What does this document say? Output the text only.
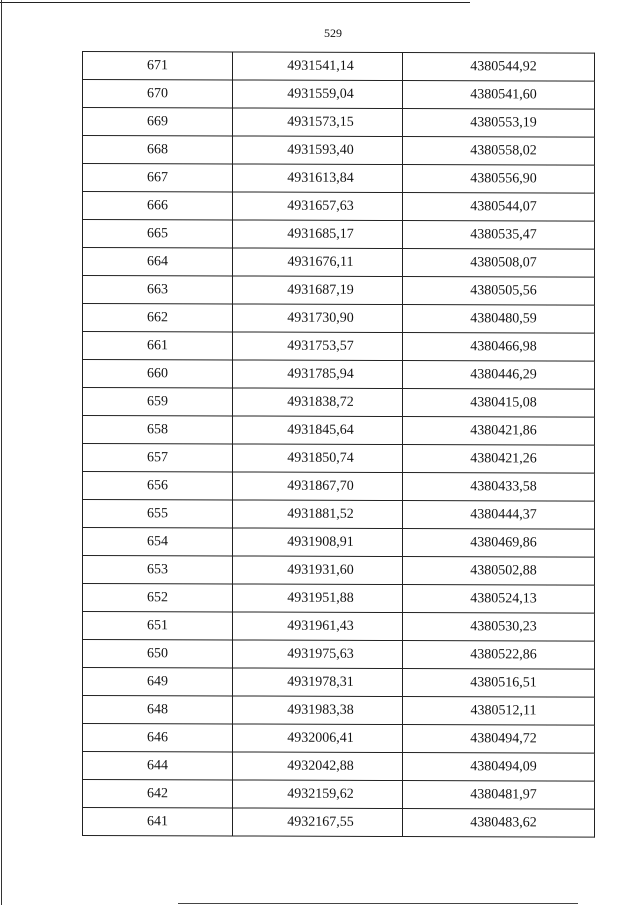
529
671	4931541,14	4380544,92
670	4931559,04	4380541,60
669	4931573,15	4380553,19
668	4931593,40	4380558,02
667	4931613,84	4380556,90
666	4931657,63	4380544,07
665	4931685,17	4380535,47
664	4931676,11	4380508,07
663	4931687,19	4380505,56
662	4931730,90	4380480,59
661	4931753,57	4380466,98
660	4931785,94	4380446,29
659	4931838,72	4380415,08
658	4931845,64	4380421,86
657	4931850,74	4380421,26
656	4931867,70	4380433,58
655	4931881,52	4380444,37
654	4931908,91	4380469,86
653	4931931,60	4380502,88
652	4931951,88	4380524,13
651	4931961,43	4380530,23
650	4931975,63	4380522,86
649	4931978,31	4380516,51
648	4931983,38	4380512,11
646	4932006,41	4380494,72
644	4932042,88	4380494,09
642	4932159,62	4380481,97
641	4932167,55	4380483,62
